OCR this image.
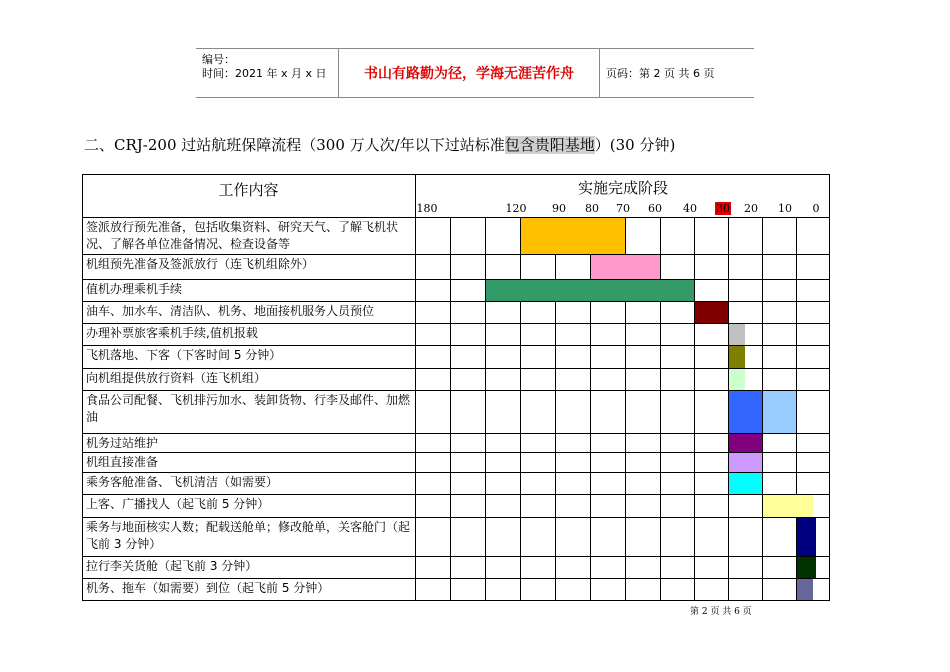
编号：
时间：2021 年 x 月 x 日	书山有路勤为径，学海无涯苦作舟	页码：第 2 页 共 6 页
二、CRJ-200 过站航班保障流程（300 万人次/年以下过站标准包含贵阳基地）(30 分钟)
工作内容	实施完成阶段
180	120 90 80 70 60 40 30 20 10 0
签派放行预先准备，包括收集资料、研究天气、了解飞机状况、了解各单位准备情况、检查设备等
机组预先准备及签派放行（连飞机组除外）
值机办理乘机手续
油车、加水车、清洁队、机务、地面接机服务人员预位
办理补票旅客乘机手续,值机报载
飞机落地、下客（下客时间 5 分钟）
向机组提供放行资料（连飞机组）
食品公司配餐、飞机排污加水、装卸货物、行李及邮件、加燃油
机务过站维护
机组直接准备
乘务客舱准备、飞机清洁（如需要）
上客、广播找人（起飞前 5 分钟）
乘务与地面核实人数；配载送舱单；修改舱单，关客舱门（起飞前 3 分钟）
拉行李关货舱（起飞前 3 分钟）
机务、拖车（如需要）到位（起飞前 5 分钟）
第 2 页 共 6 页
